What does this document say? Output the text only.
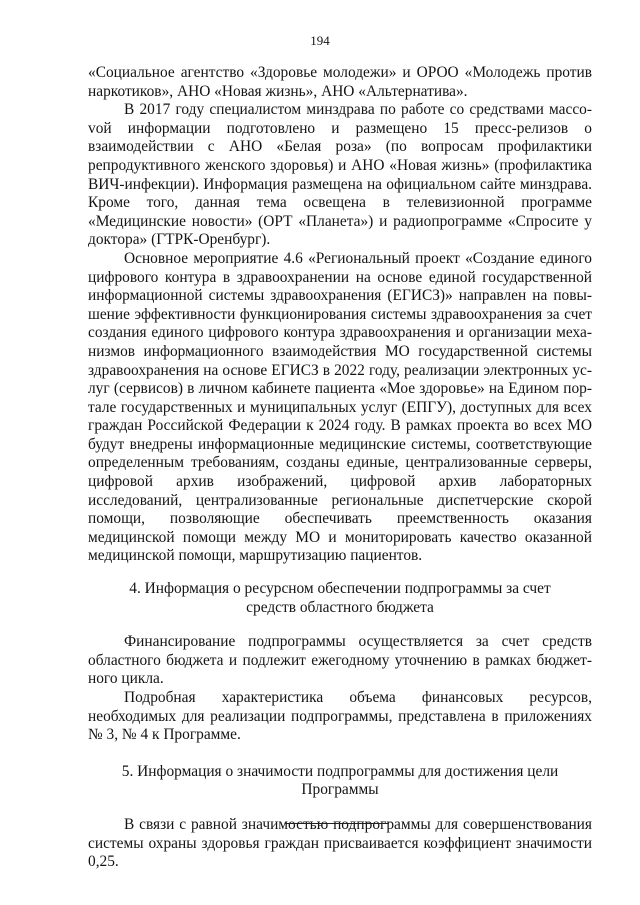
194

«Социальное агентство «Здоровье молодежи» и ОРОО «Молодежь против наркотиков», АНО «Новая жизнь», АНО «Альтернатива».

В 2017 году специалистом минздрава по работе со средствами массоvой информации подготовлено и размещено 15 пресс-релизов о взаимодействии с АНО «Белая роза» (по вопросам профилактики репродуктивного женского здоровья) и АНО «Новая жизнь» (профилактика ВИЧ-инфекции). Информация размещена на официальном сайте минздрава. Кроме того, данная тема освещена в телевизионной программе «Медицинские новости» (ОРТ «Планета») и радиопрограмме «Спросите у доктора» (ГТРК-Оренбург).

Основное мероприятие 4.6 «Региональный проект «Создание единого цифрового контура в здравоохранении на основе единой государственной информационной системы здравоохранения (ЕГИСЗ)» направлен на повышение эффективности функционирования системы здравоохранения за счет создания единого цифрового контура здравоохранения и организации механизмов информационного взаимодействия МО государственной системы здравоохранения на основе ЕГИСЗ в 2022 году, реализации электронных услуг (сервисов) в личном кабинете пациента «Мое здоровье» на Едином портале государственных и муниципальных услуг (ЕПГУ), доступных для всех граждан Российской Федерации к 2024 году. В рамках проекта во всех МО будут внедрены информационные медицинские системы, соответствующие определенным требованиям, созданы единые, централизованные серверы, цифровой архив изображений, цифровой архив лабораторных исследований, централизованные региональные диспетчерские скорой помощи, позволяющие обеспечивать преемственность оказания медицинской помощи между МО и мониторировать качество оказанной медицинской помощи, маршрутизацию пациентов.

4. Информация о ресурсном обеспечении подпрограммы за счет
средств областного бюджета

Финансирование подпрограммы осуществляется за счет средств областного бюджета и подлежит ежегодному уточнению в рамках бюджетного цикла.

Подробная характеристика объема финансовых ресурсов, необходимых для реализации подпрограммы, представлена в приложениях № 3, № 4 к Программе.

5. Информация о значимости подпрограммы для достижения цели
Программы

В связи с равной значимостью подпрограммы для совершенствования системы охраны здоровья граждан присваивается коэффициент значимости 0,25.
